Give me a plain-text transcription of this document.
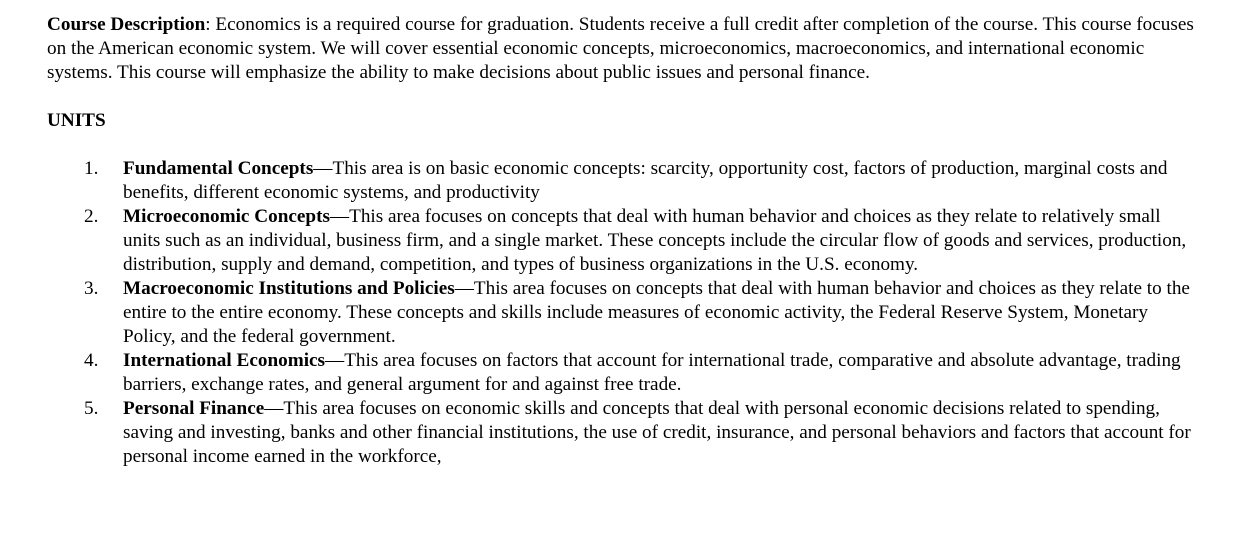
Course Description: Economics is a required course for graduation. Students receive a full credit after completion of the course. This course focuses on the American economic system. We will cover essential economic concepts, microeconomics, macroeconomics, and international economic systems. This course will emphasize the ability to make decisions about public issues and personal finance.

UNITS

1. Fundamental Concepts—This area is on basic economic concepts: scarcity, opportunity cost, factors of production, marginal costs and benefits, different economic systems, and productivity
2. Microeconomic Concepts—This area focuses on concepts that deal with human behavior and choices as they relate to relatively small units such as an individual, business firm, and a single market. These concepts include the circular flow of goods and services, production, distribution, supply and demand, competition, and types of business organizations in the U.S. economy.
3. Macroeconomic Institutions and Policies—This area focuses on concepts that deal with human behavior and choices as they relate to the entire to the entire economy. These concepts and skills include measures of economic activity, the Federal Reserve System, Monetary Policy, and the federal government.
4. International Economics—This area focuses on factors that account for international trade, comparative and absolute advantage, trading barriers, exchange rates, and general argument for and against free trade.
5. Personal Finance—This area focuses on economic skills and concepts that deal with personal economic decisions related to spending, saving and investing, banks and other financial institutions, the use of credit, insurance, and personal behaviors and factors that account for personal income earned in the workforce,
